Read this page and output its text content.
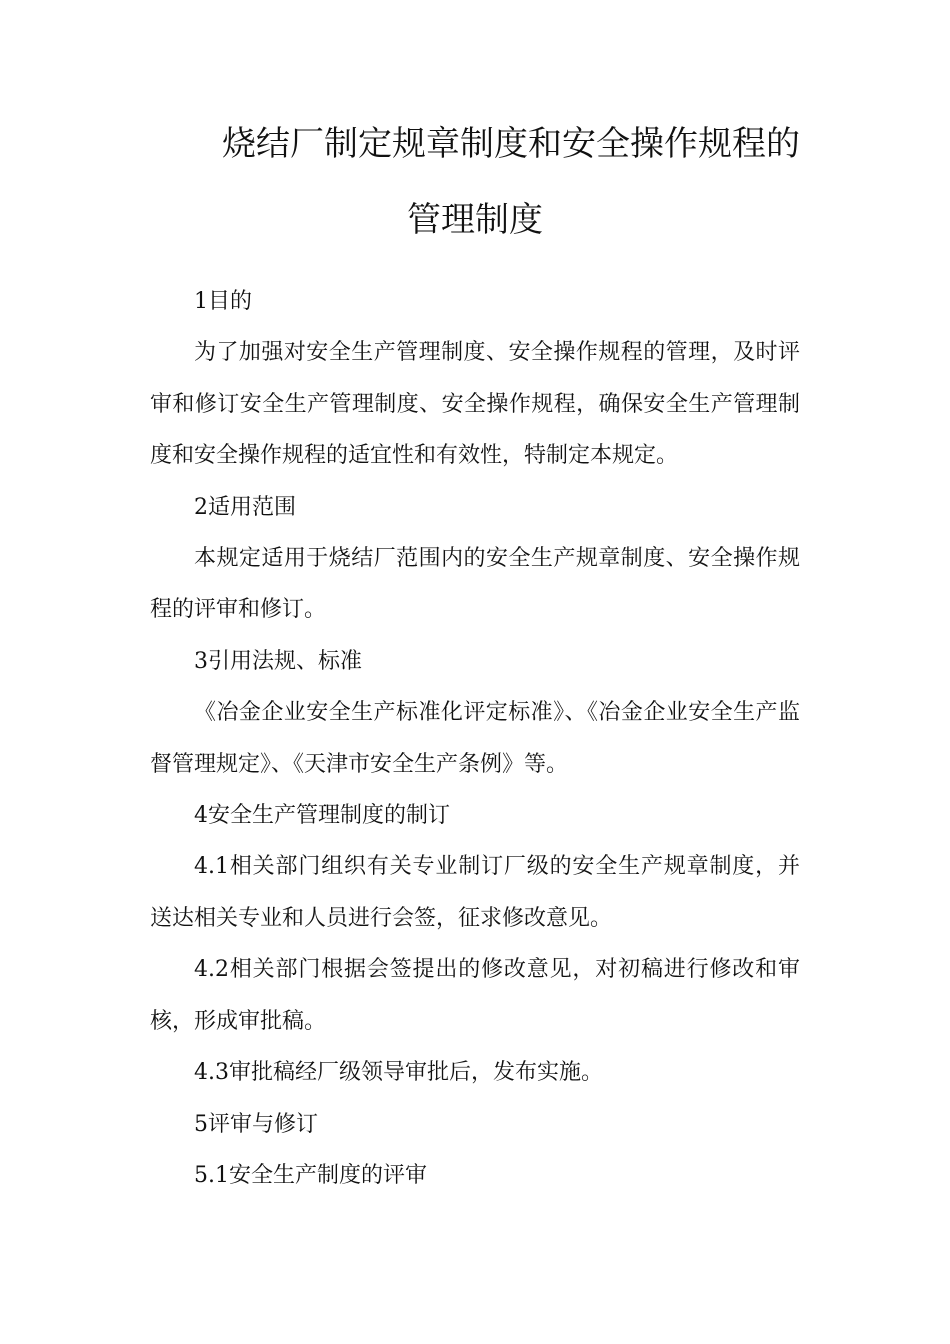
烧结厂制定规章制度和安全操作规程的
管理制度

1目的

为了加强对安全生产管理制度、安全操作规程的管理，及时评审和修订安全生产管理制度、安全操作规程，确保安全生产管理制度和安全操作规程的适宜性和有效性，特制定本规定。

2适用范围

本规定适用于烧结厂范围内的安全生产规章制度、安全操作规程的评审和修订。

3引用法规、标准

《冶金企业安全生产标准化评定标准》、《冶金企业安全生产监督管理规定》、《天津市安全生产条例》等。

4安全生产管理制度的制订

4.1相关部门组织有关专业制订厂级的安全生产规章制度，并送达相关专业和人员进行会签，征求修改意见。

4.2相关部门根据会签提出的修改意见，对初稿进行修改和审核，形成审批稿。

4.3审批稿经厂级领导审批后，发布实施。

5评审与修订

5.1安全生产制度的评审
